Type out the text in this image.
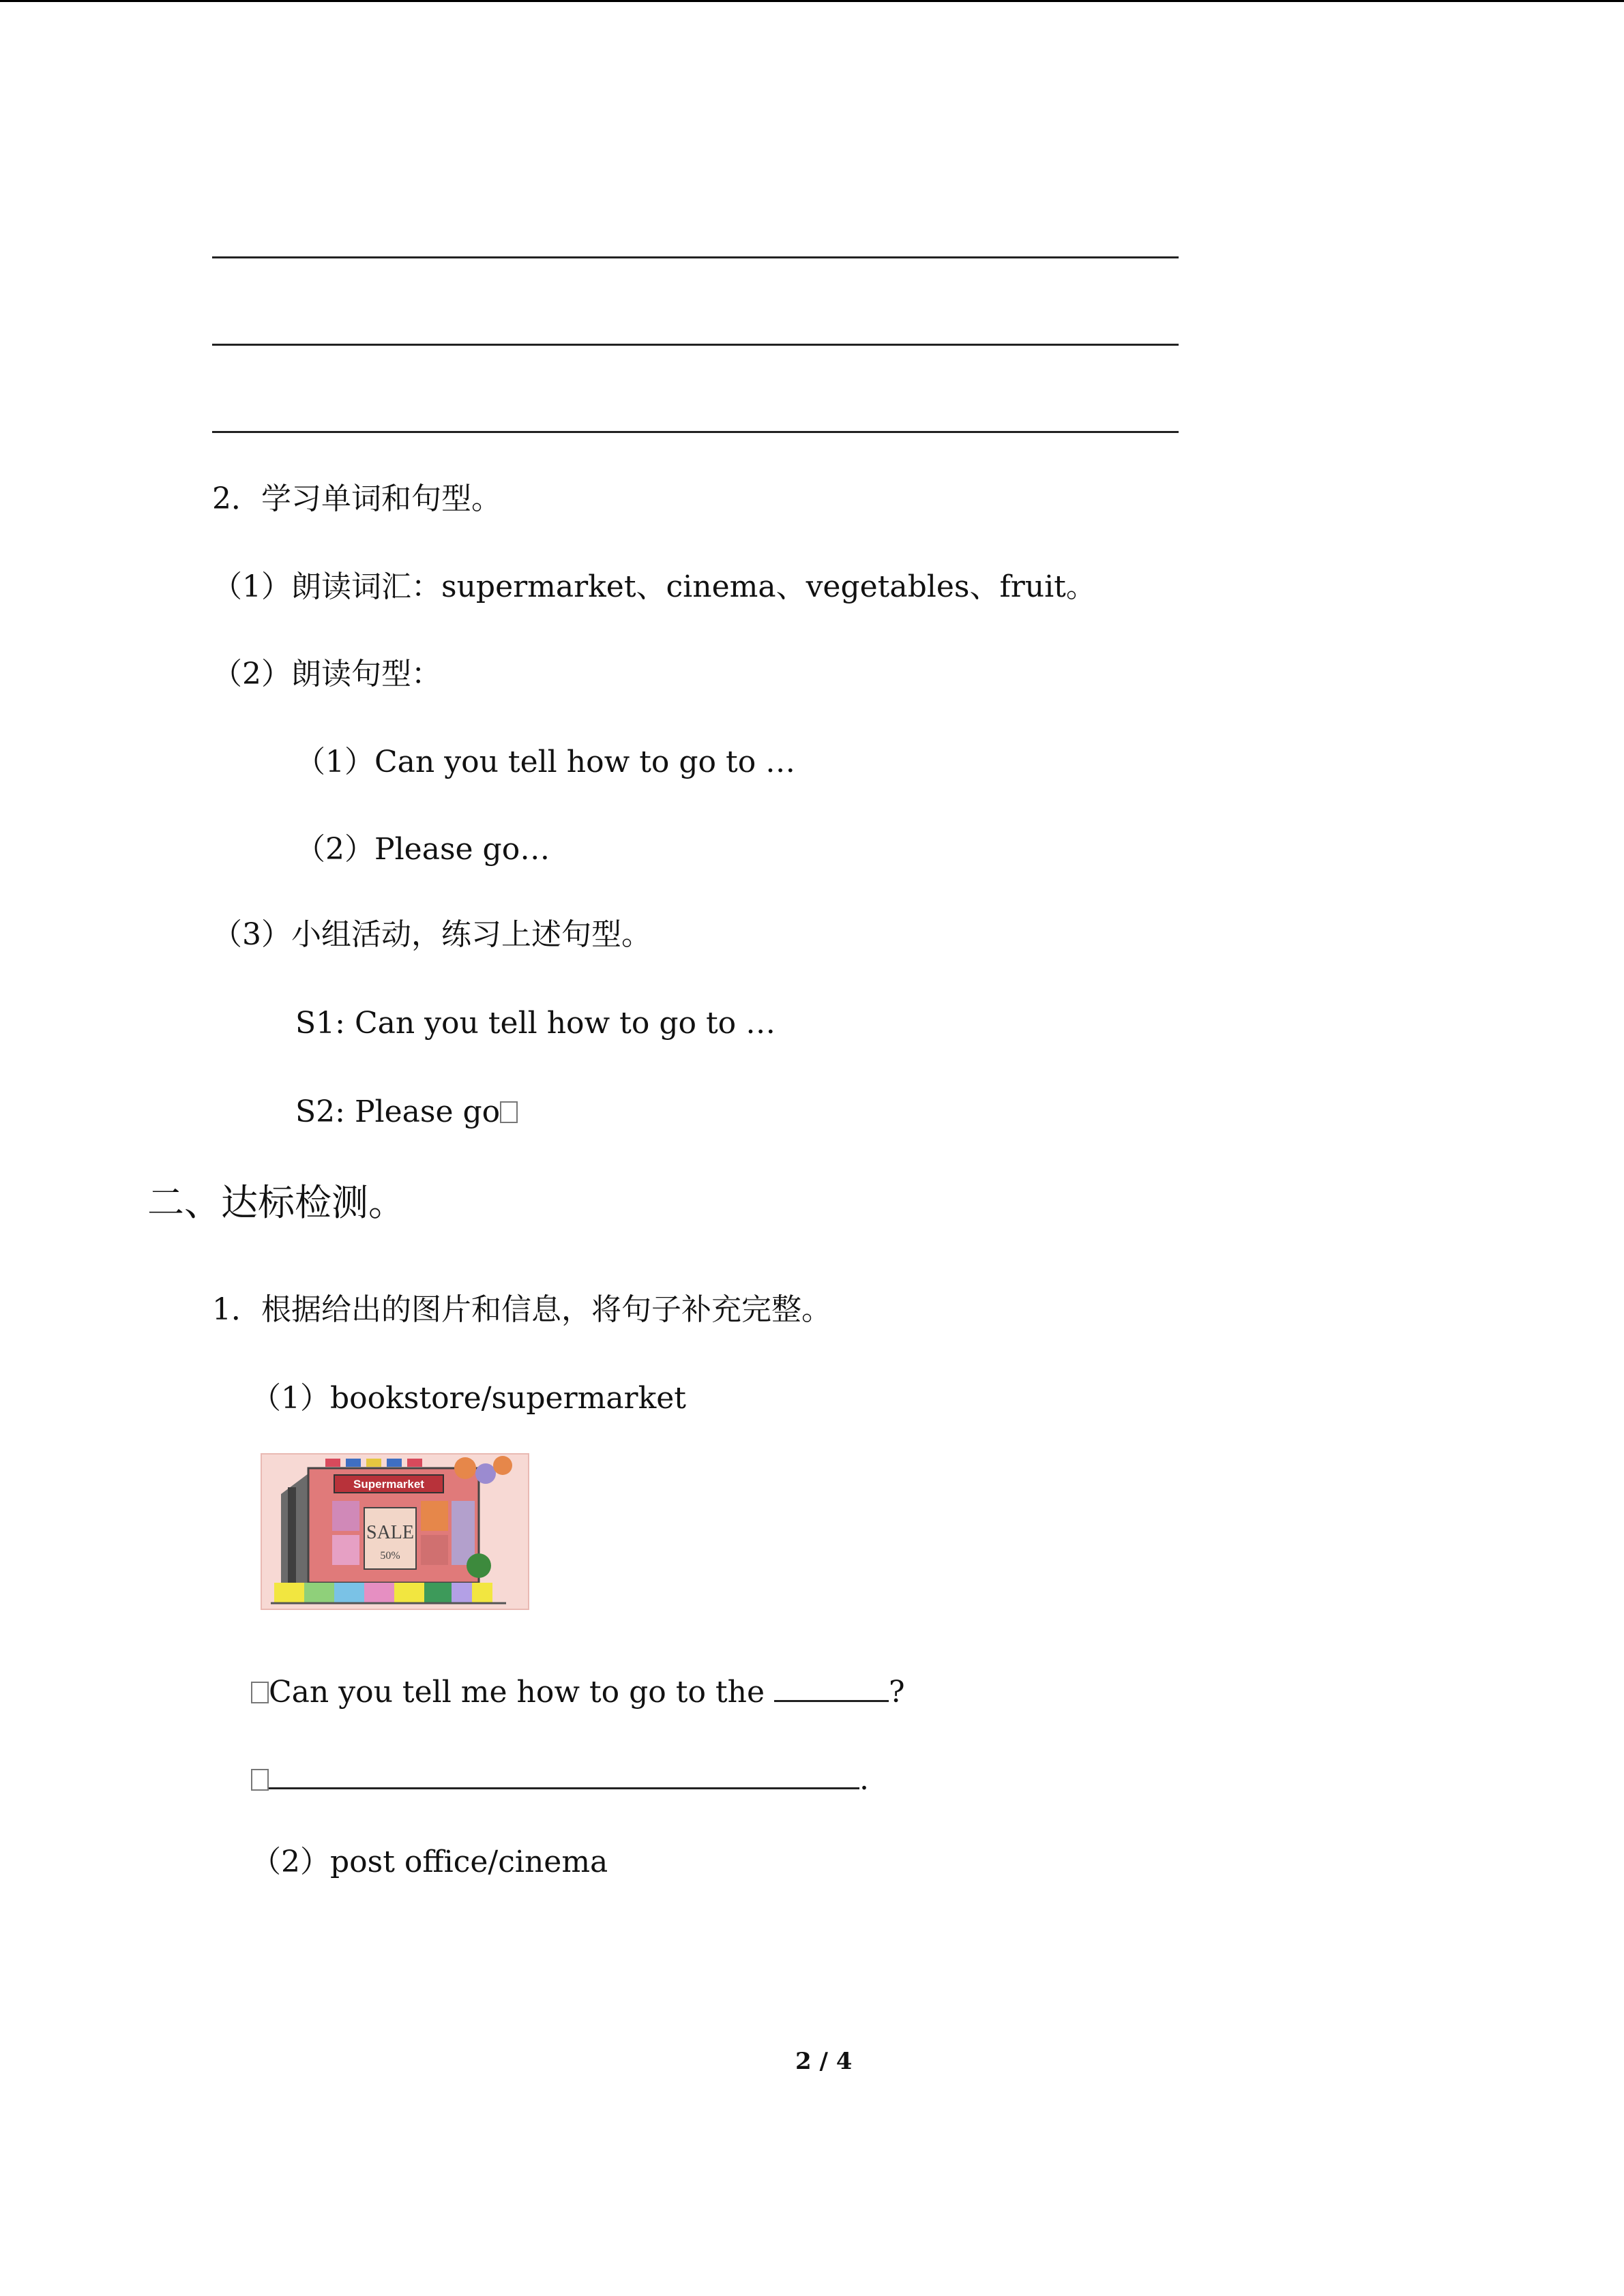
2．学习单词和句型。
（1）朗读词汇：supermarket、cinema、vegetables、fruit。
（2）朗读句型：
（1）Can you tell how to go to …
（2）Please go…
（3）小组活动，练习上述句型。
S1: Can you tell how to go to …
S2: Please go
二、达标检测。
1．根据给出的图片和信息，将句子补充完整。
（1）bookstore/supermarket
Supermarket
SALE
50%
Can you tell me how to go to the	?
.
（2）post office/cinema
2 / 4
